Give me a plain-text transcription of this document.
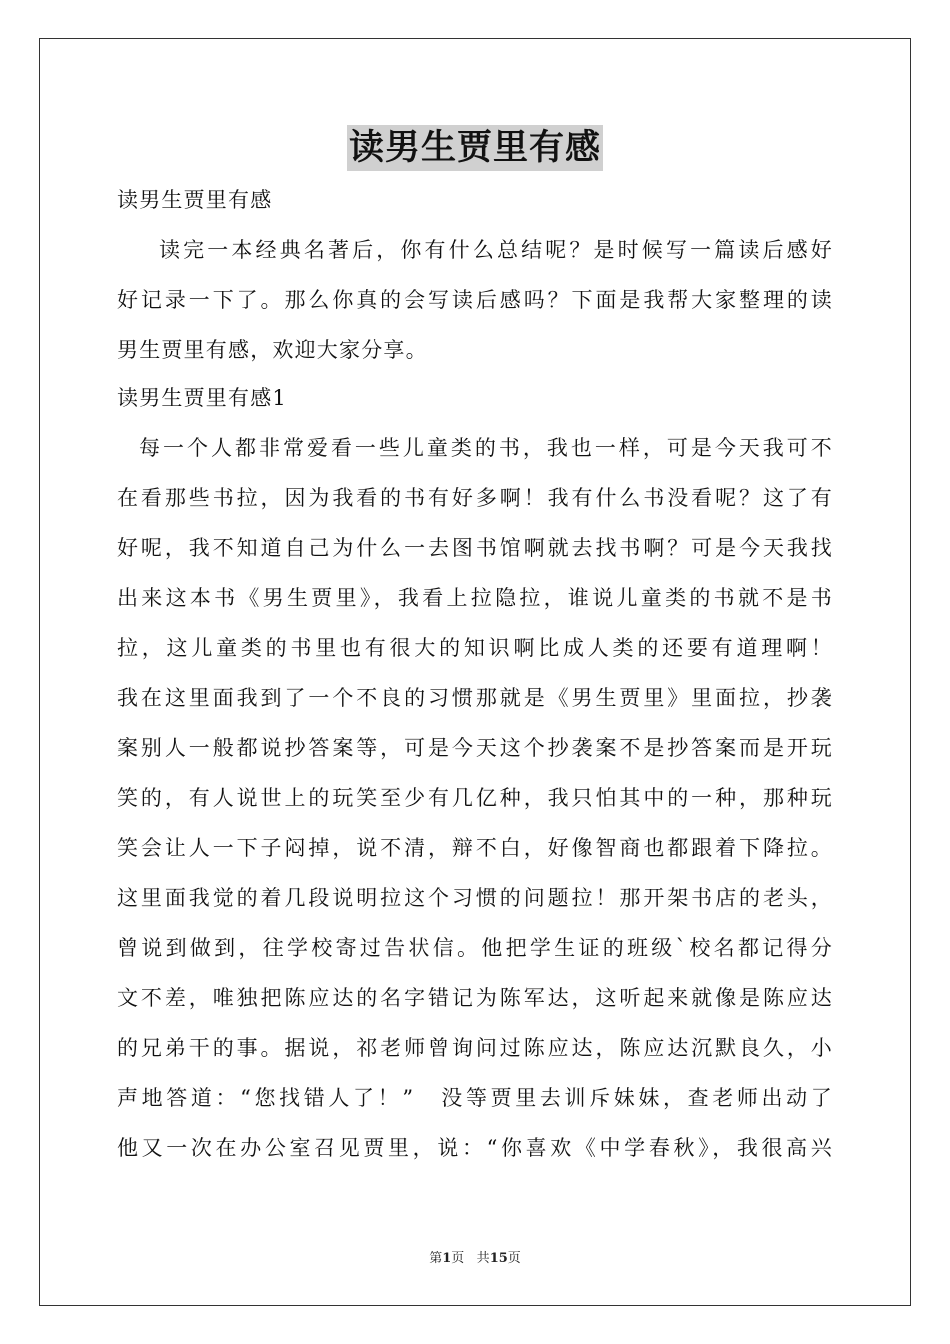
读男生贾里有感
读男生贾里有感
读完一本经典名著后，你有什么总结呢？是时候写一篇读后感好
好记录一下了。那么你真的会写读后感吗？下面是我帮大家整理的读
男生贾里有感，欢迎大家分享。
读男生贾里有感1
每一个人都非常爱看一些儿童类的书，我也一样，可是今天我可不
在看那些书拉，因为我看的书有好多啊！我有什么书没看呢？这了有
好呢，我不知道自己为什么一去图书馆啊就去找书啊？可是今天我找
出来这本书《男生贾里》，我看上拉隐拉，谁说儿童类的书就不是书
拉，这儿童类的书里也有很大的知识啊比成人类的还要有道理啊！
我在这里面我到了一个不良的习惯那就是《男生贾里》里面拉，抄袭
案别人一般都说抄答案等，可是今天这个抄袭案不是抄答案而是开玩
笑的，有人说世上的玩笑至少有几亿种，我只怕其中的一种，那种玩
笑会让人一下子闷掉，说不清，辩不白，好像智商也都跟着下降拉。
这里面我觉的着几段说明拉这个习惯的问题拉！那开架书店的老头，
曾说到做到，往学校寄过告状信。他把学生证的班级`校名都记得分
文不差，唯独把陈应达的名字错记为陈军达，这听起来就像是陈应达
的兄弟干的事。据说，祁老师曾询问过陈应达，陈应达沉默良久，小
声地答道：“您找错人了！”　没等贾里去训斥妹妹，查老师出动了
他又一次在办公室召见贾里，说：“你喜欢《中学春秋》，我很高兴
第1页 共15页
